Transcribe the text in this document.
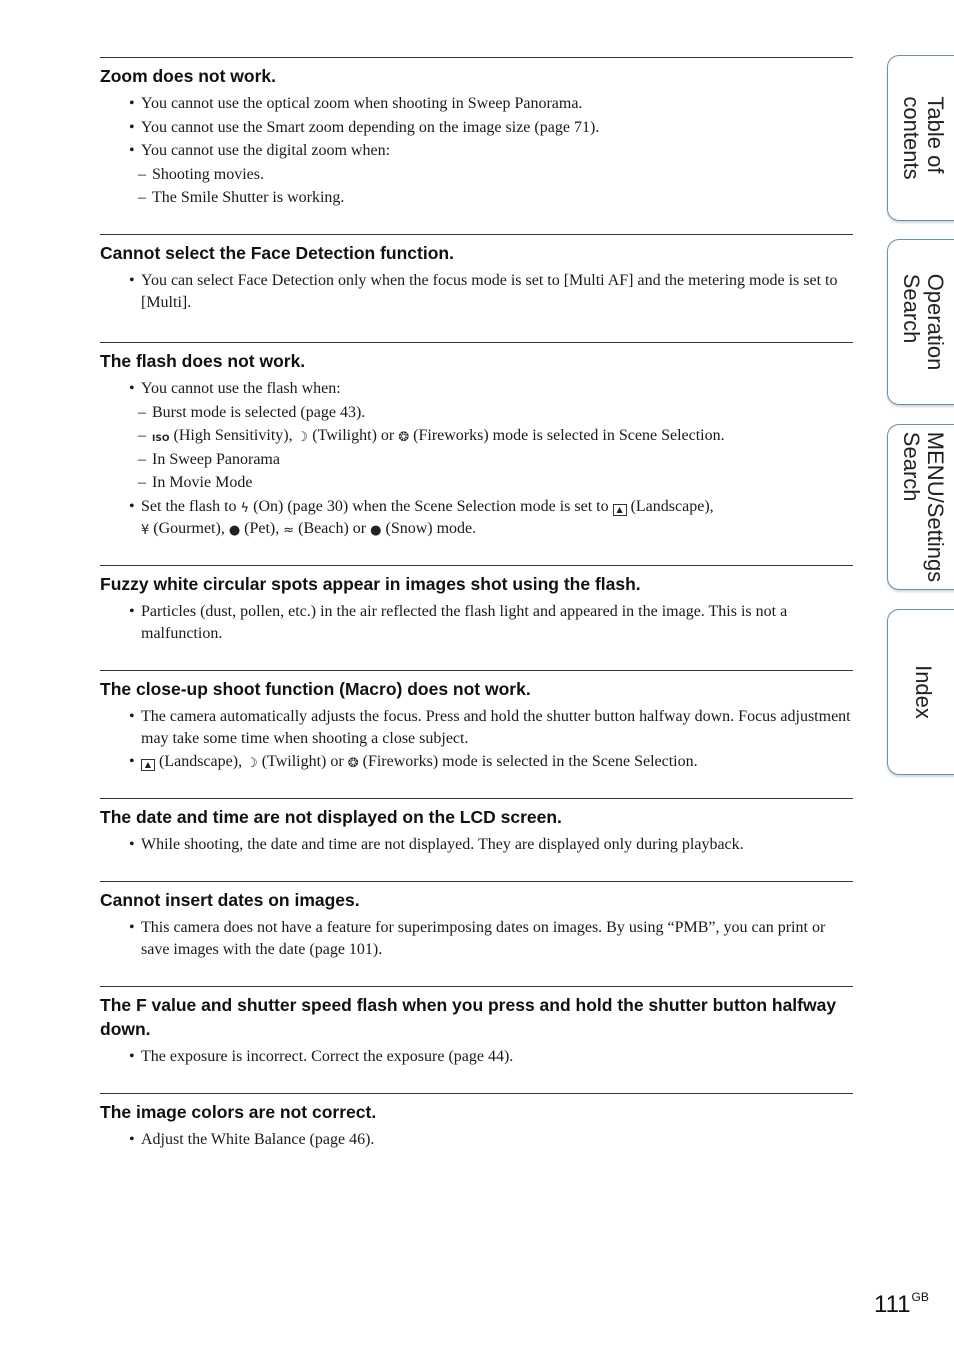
Zoom does not work.
• You cannot use the optical zoom when shooting in Sweep Panorama.
• You cannot use the Smart zoom depending on the image size (page 71).
• You cannot use the digital zoom when:
– Shooting movies.
– The Smile Shutter is working.
Cannot select the Face Detection function.
• You can select Face Detection only when the focus mode is set to [Multi AF] and the metering mode is set to [Multi].
The flash does not work.
• You cannot use the flash when:
– Burst mode is selected (page 43).
– ISO (High Sensitivity), ☽ (Twilight) or ❂ (Fireworks) mode is selected in Scene Selection.
– In Sweep Panorama
– In Movie Mode
• Set the flash to ϟ (On) (page 30) when the Scene Selection mode is set to ▲ (Landscape),
¥ (Gourmet), ● (Pet), ≈ (Beach) or ● (Snow) mode.
Fuzzy white circular spots appear in images shot using the flash.
• Particles (dust, pollen, etc.) in the air reflected the flash light and appeared in the image. This is not a malfunction.
The close-up shoot function (Macro) does not work.
• The camera automatically adjusts the focus. Press and hold the shutter button halfway down. Focus adjustment may take some time when shooting a close subject.
• ▲ (Landscape), ☽ (Twilight) or ❂ (Fireworks) mode is selected in the Scene Selection.
The date and time are not displayed on the LCD screen.
• While shooting, the date and time are not displayed. They are displayed only during playback.
Cannot insert dates on images.
• This camera does not have a feature for superimposing dates on images. By using “PMB”, you can print or save images with the date (page 101).
The F value and shutter speed flash when you press and hold the shutter button halfway down.
• The exposure is incorrect. Correct the exposure (page 44).
The image colors are not correct.
• Adjust the White Balance (page 46).
Table of
contents
Operation
Search
MENU/Settings
Search
Index
$111^{GB}$
